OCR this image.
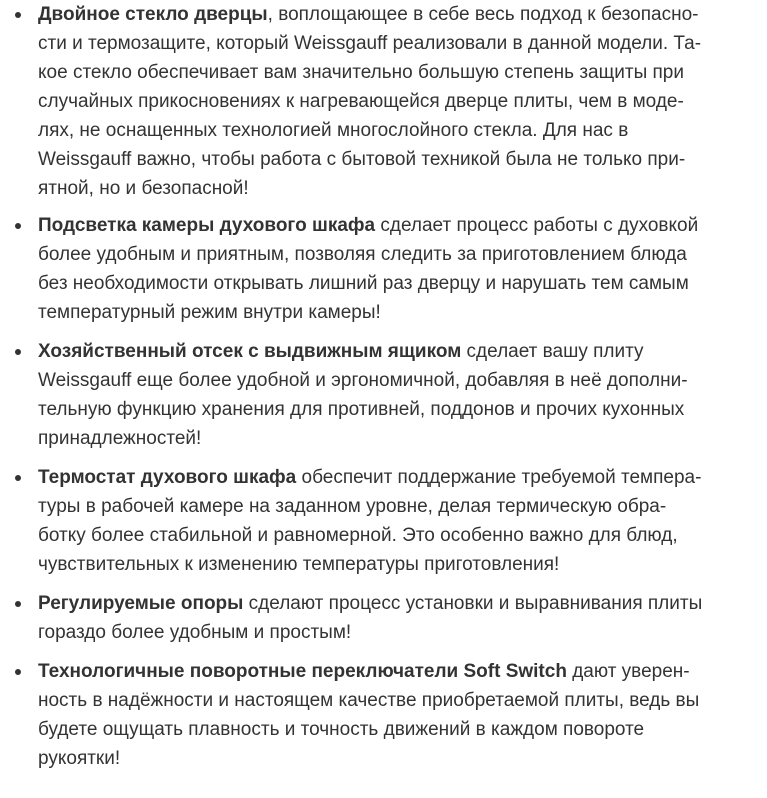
Двойное стекло дверцы, воплощающее в себе весь подход к безопасно-
сти и термозащите, который Weissgauff реализовали в данной модели. Та-
кое стекло обеспечивает вам значительно большую степень защиты при
случайных прикосновениях к нагревающейся дверце плиты, чем в моде-
лях, не оснащенных технологией многослойного стекла. Для нас в
Weissgauff важно, чтобы работа с бытовой техникой была не только при-
ятной, но и безопасной!
Подсветка камеры духового шкафа сделает процесс работы с духовкой
более удобным и приятным, позволяя следить за приготовлением блюда
без необходимости открывать лишний раз дверцу и нарушать тем самым
температурный режим внутри камеры!
Хозяйственный отсек с выдвижным ящиком сделает вашу плиту
Weissgauff еще более удобной и эргономичной, добавляя в неё дополни-
тельную функцию хранения для противней, поддонов и прочих кухонных
принадлежностей!
Термостат духового шкафа обеспечит поддержание требуемой темпера-
туры в рабочей камере на заданном уровне, делая термическую обра-
ботку более стабильной и равномерной. Это особенно важно для блюд,
чувствительных к изменению температуры приготовления!
Регулируемые опоры сделают процесс установки и выравнивания плиты
гораздо более удобным и простым!
Технологичные поворотные переключатели Soft Switch дают уверен-
ность в надёжности и настоящем качестве приобретаемой плиты, ведь вы
будете ощущать плавность и точность движений в каждом повороте
рукоятки!
